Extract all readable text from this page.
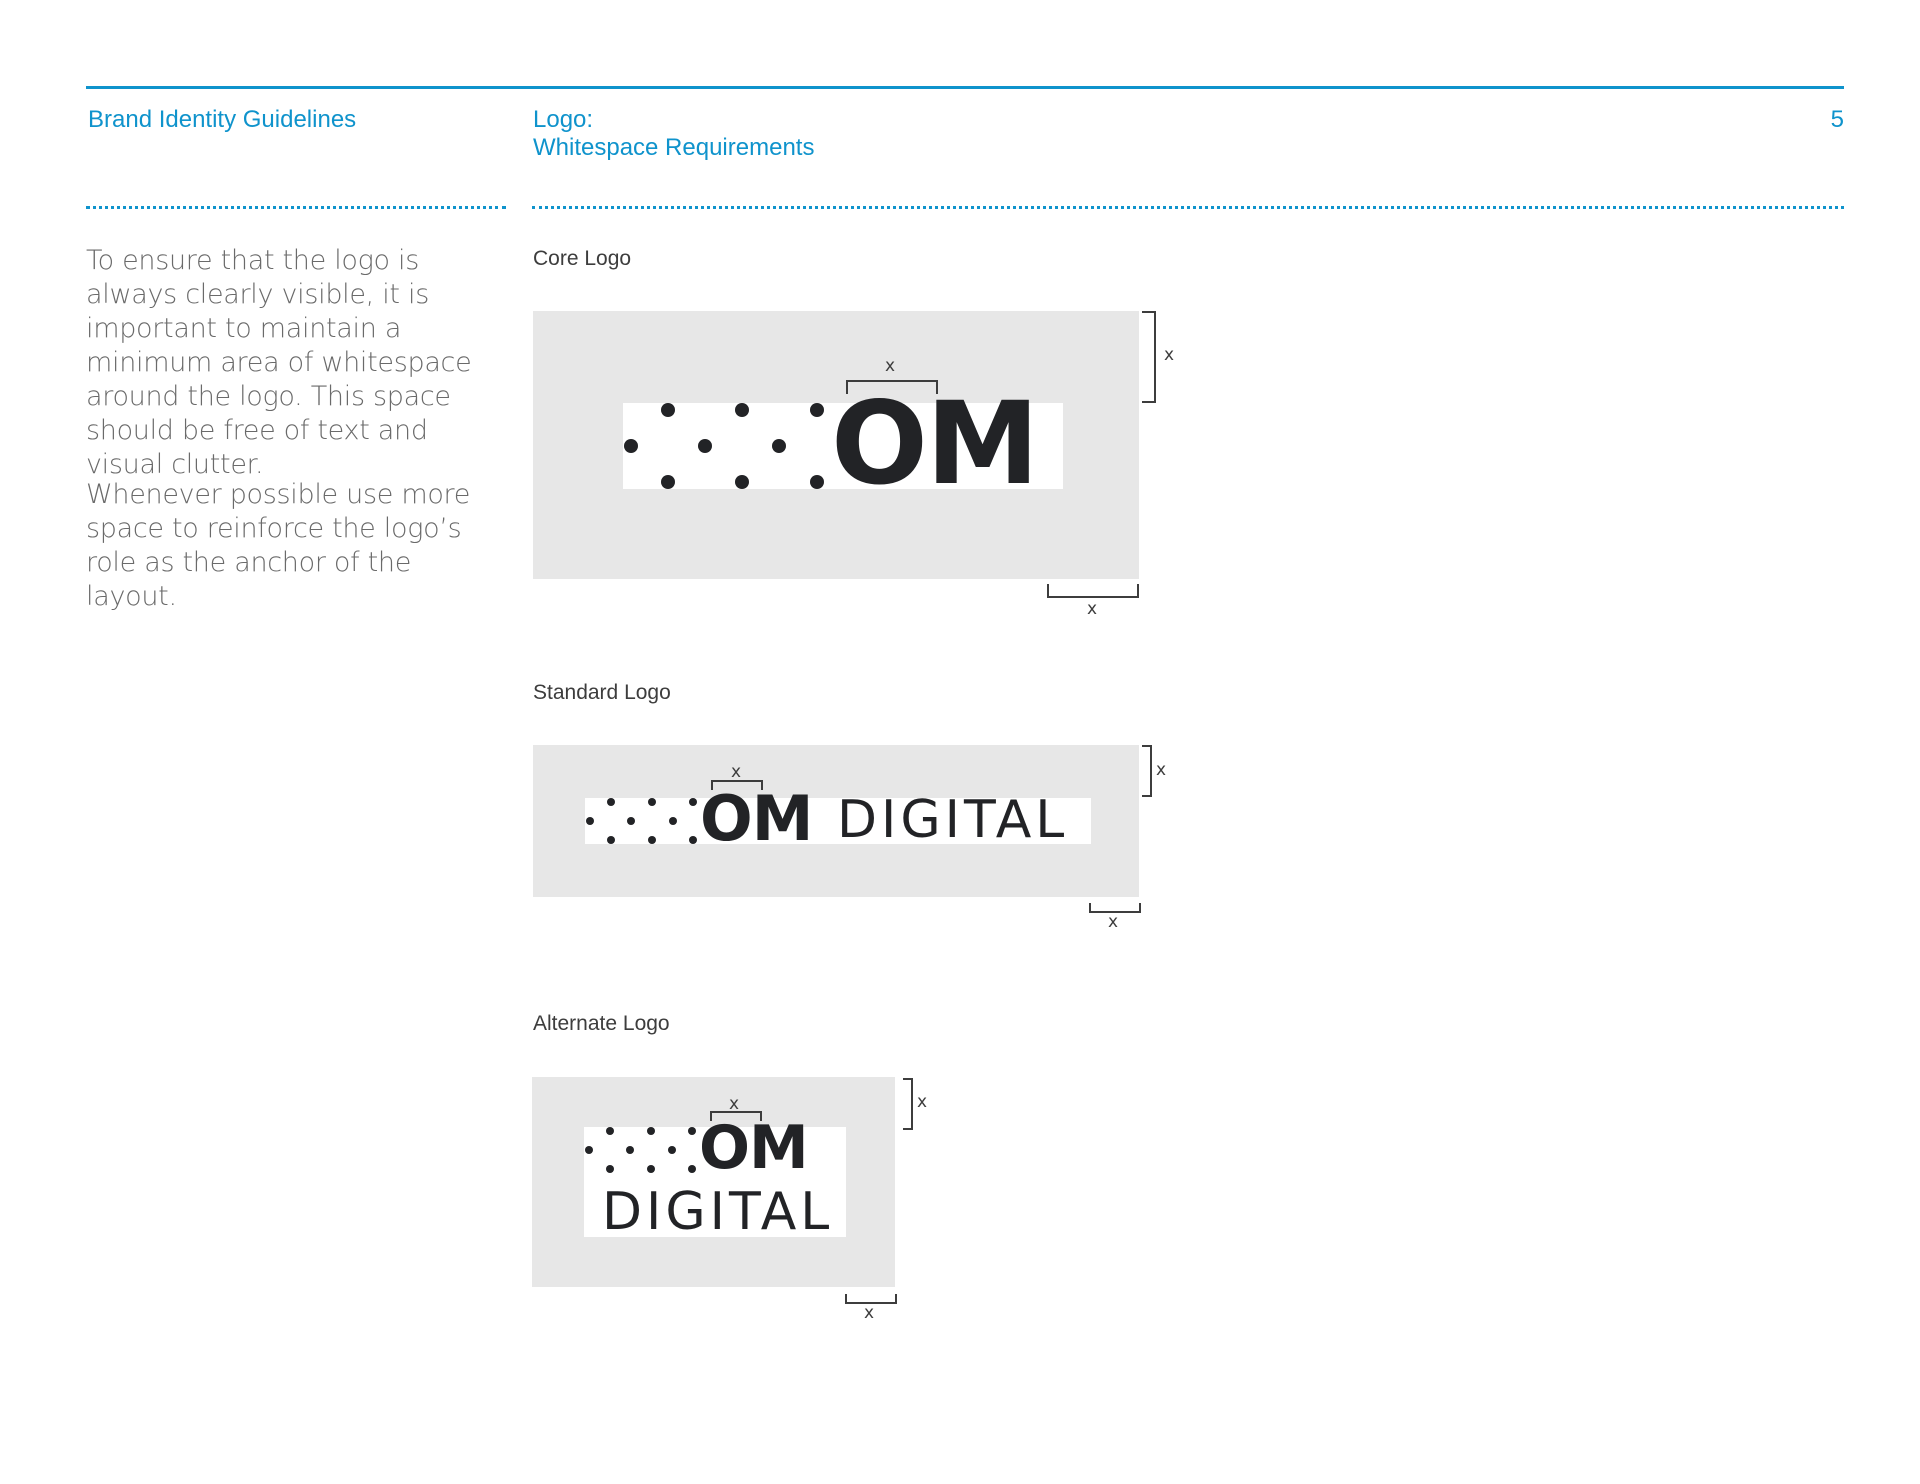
Brand Identity Guidelines	Logo:
Whitespace Requirements
5
To ensure that the logo is always clearly visible, it is important to maintain a minimum area of whitespace around the logo. This space should be free of text and visual clutter.
Whenever possible use more space to reinforce the logo’s role as the anchor of the layout.
Core Logo
OM
x
x
x
Standard Logo
OM DIGITAL
x	x
x
Alternate Logo
OM
DIGITAL
x	x
x
